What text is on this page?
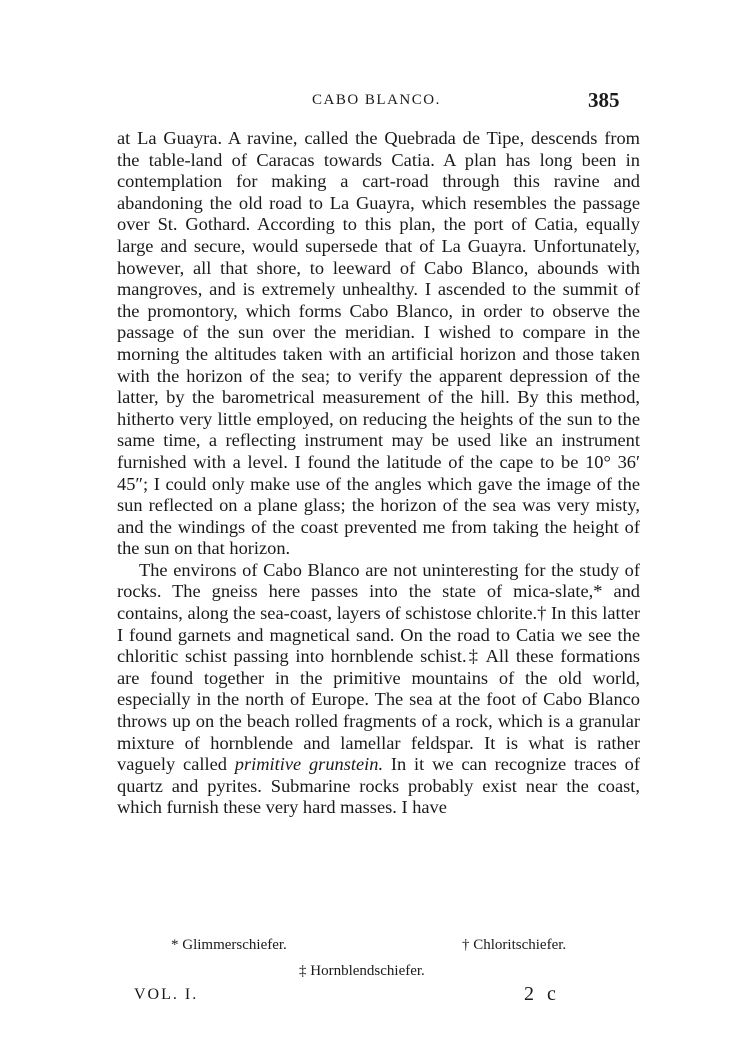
CABO BLANCO.	385

at La Guayra. A ravine, called the Quebrada de Tipe, descends from the table-land of Caracas towards Catia. A plan has long been in contemplation for making a cart-road through this ravine and abandoning the old road to La Guayra, which resembles the passage over St. Gothard. According to this plan, the port of Catia, equally large and secure, would supersede that of La Guayra. Unfortunately, however, all that shore, to leeward of Cabo Blanco, abounds with mangroves, and is extremely unhealthy. I ascended to the summit of the promontory, which forms Cabo Blanco, in order to observe the passage of the sun over the meridian. I wished to compare in the morning the altitudes taken with an artificial horizon and those taken with the horizon of the sea; to verify the apparent depression of the latter, by the barometrical measurement of the hill. By this method, hitherto very little employed, on reducing the heights of the sun to the same time, a reflecting instrument may be used like an instrument furnished with a level. I found the latitude of the cape to be 10° 36′ 45″; I could only make use of the angles which gave the image of the sun reflected on a plane glass; the horizon of the sea was very misty, and the windings of the coast prevented me from taking the height of the sun on that horizon.

The environs of Cabo Blanco are not uninteresting for the study of rocks. The gneiss here passes into the state of mica-slate,* and contains, along the sea-coast, layers of schistose chlorite.† In this latter I found garnets and magnetical sand. On the road to Catia we see the chloritic schist passing into hornblende schist.‡ All these formations are found together in the primitive mountains of the old world, especially in the north of Europe. The sea at the foot of Cabo Blanco throws up on the beach rolled fragments of a rock, which is a granular mixture of hornblende and lamellar feldspar. It is what is rather vaguely called primitive grunstein. In it we can recognize traces of quartz and pyrites. Submarine rocks probably exist near the coast, which furnish these very hard masses. I have

* Glimmerschiefer.	† Chloritschiefer.
‡ Hornblendschiefer.
VOL. I.	2 c
